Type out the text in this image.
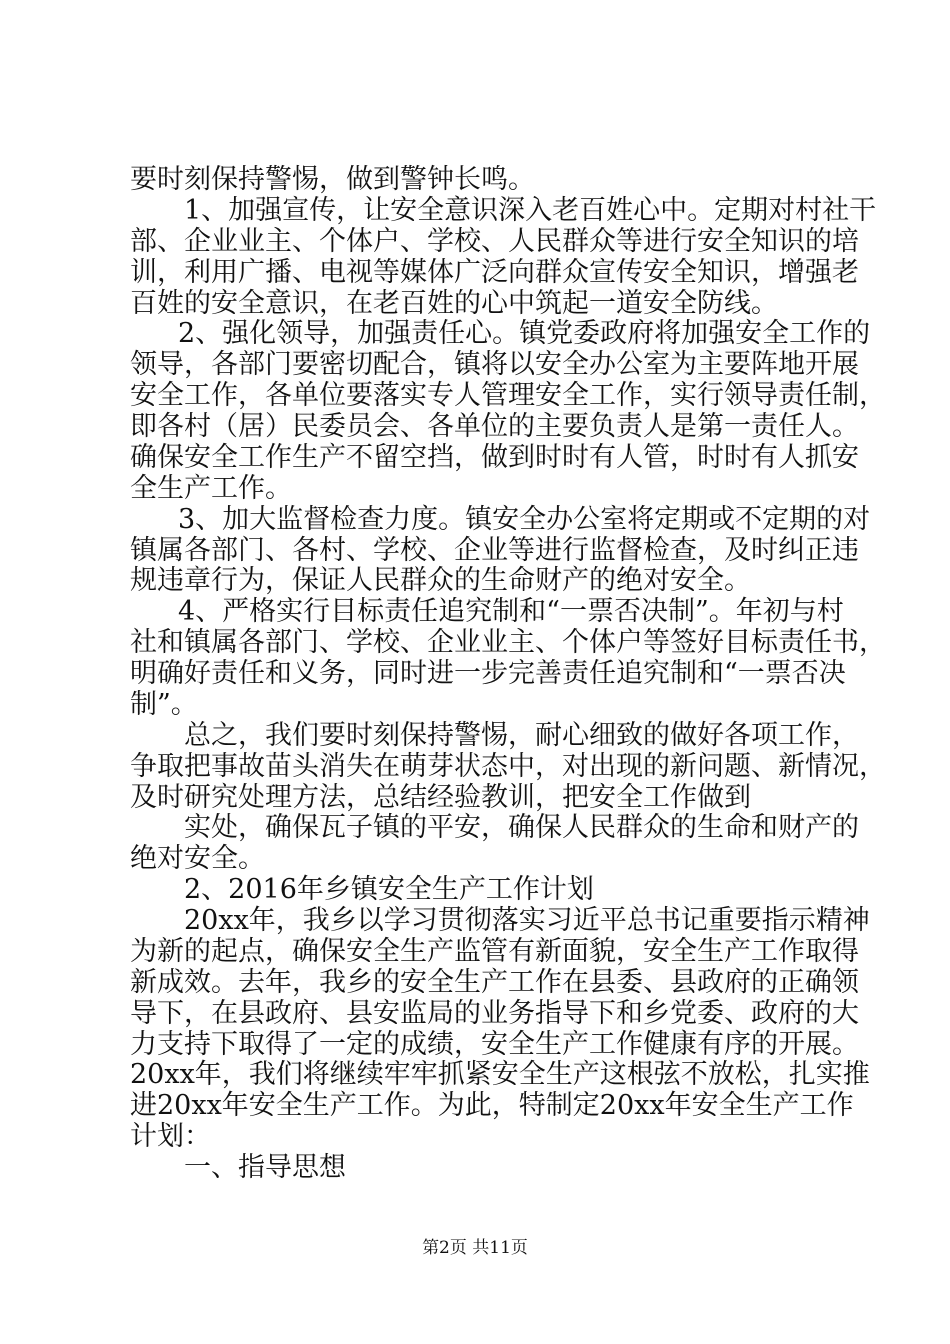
要时刻保持警惕，做到警钟长鸣。
1、加强宣传，让安全意识深入老百姓心中。定期对村社干
部、企业业主、个体户、学校、人民群众等进行安全知识的培
训，利用广播、电视等媒体广泛向群众宣传安全知识，增强老
百姓的安全意识，在老百姓的心中筑起一道安全防线。
2、强化领导，加强责任心。镇党委政府将加强安全工作的
领导，各部门要密切配合，镇将以安全办公室为主要阵地开展
安全工作，各单位要落实专人管理安全工作，实行领导责任制，
即各村（居）民委员会、各单位的主要负责人是第一责任人。
确保安全工作生产不留空挡，做到时时有人管，时时有人抓安
全生产工作。
3、加大监督检查力度。镇安全办公室将定期或不定期的对
镇属各部门、各村、学校、企业等进行监督检查，及时纠正违
规违章行为，保证人民群众的生命财产的绝对安全。
4、严格实行目标责任追究制和“一票否决制”。年初与村
社和镇属各部门、学校、企业业主、个体户等签好目标责任书，
明确好责任和义务，同时进一步完善责任追究制和“一票否决
制”。
总之，我们要时刻保持警惕，耐心细致的做好各项工作，
争取把事故苗头消失在萌芽状态中，对出现的新问题、新情况，
及时研究处理方法，总结经验教训，把安全工作做到
实处，确保瓦子镇的平安，确保人民群众的生命和财产的
绝对安全。
2、2016年乡镇安全生产工作计划
20xx年，我乡以学习贯彻落实习近平总书记重要指示精神
为新的起点，确保安全生产监管有新面貌，安全生产工作取得
新成效。去年，我乡的安全生产工作在县委、县政府的正确领
导下，在县政府、县安监局的业务指导下和乡党委、政府的大
力支持下取得了一定的成绩，安全生产工作健康有序的开展。
20xx年，我们将继续牢牢抓紧安全生产这根弦不放松，扎实推
进20xx年安全生产工作。为此，特制定20xx年安全生产工作
计划：
一、指导思想
第2页 共11页
